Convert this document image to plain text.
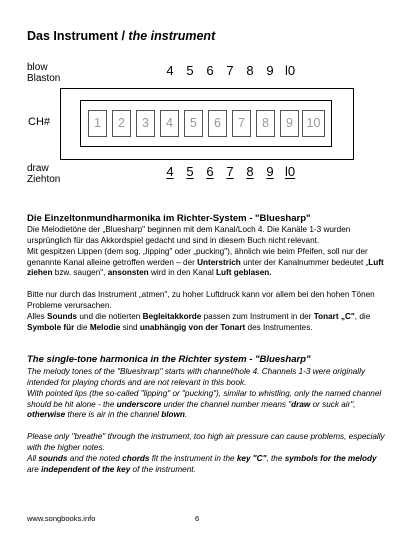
Das Instrument / the instrument
blow
Blaston
4 5 6 7 8 9 l0
CH#	1	2	3	4	5	6	7	8	9	10
4 5 6 7 8 9 l0
draw
Ziehton
Die Einzeltonmundharmonika im Richter-System - "Bluesharp"
Die Melodietöne der „Bluesharp" beginnen mit dem Kanal/Loch 4. Die Kanäle 1-3 wurden ursprünglich für das Akkordspiel gedacht und sind in diesem Buch nicht relevant.
Mit gespitzen Lippen (dem sog. „lipping" oder „pucking"), ähnlich wie beim Pfeifen, soll nur der genannte Kanal alleine getroffen werden – der Unterstrich unter der Kanalnummer bedeutet „Luft ziehen bzw. saugen", ansonsten wird in den Kanal Luft geblasen.
Bitte nur durch das Instrument „atmen", zu hoher Luftdruck kann vor allem bei den hohen Tönen Probleme verursachen.
Alles Sounds und die notierten Begleitakkorde passen zum Instrument in der Tonart „C", die Symbole für die Melodie sind unabhängig von der Tonart des Instrumentes.
The single-tone harmonica in the Richter system - "Bluesharp"
The melody tones of the "Blueshrarp" starts with channel/hole 4. Channels 1-3 were originally intended for playing chords and are not relevant in this book.
With pointed lips (the so-called "lipping" or "pucking"), similar to whistling, only the named channel should be hit alone - the underscore under the channel number means "draw or suck air", otherwise there is air in the channel blown.
Please only "breathe" through the instrument, too high air pressure can cause problems, especially with the higher notes.
All sounds and the noted chords fit the instrument in the key "C", the symbols for the melody are independent of the key of the instrument.
www.songbooks.info	6
